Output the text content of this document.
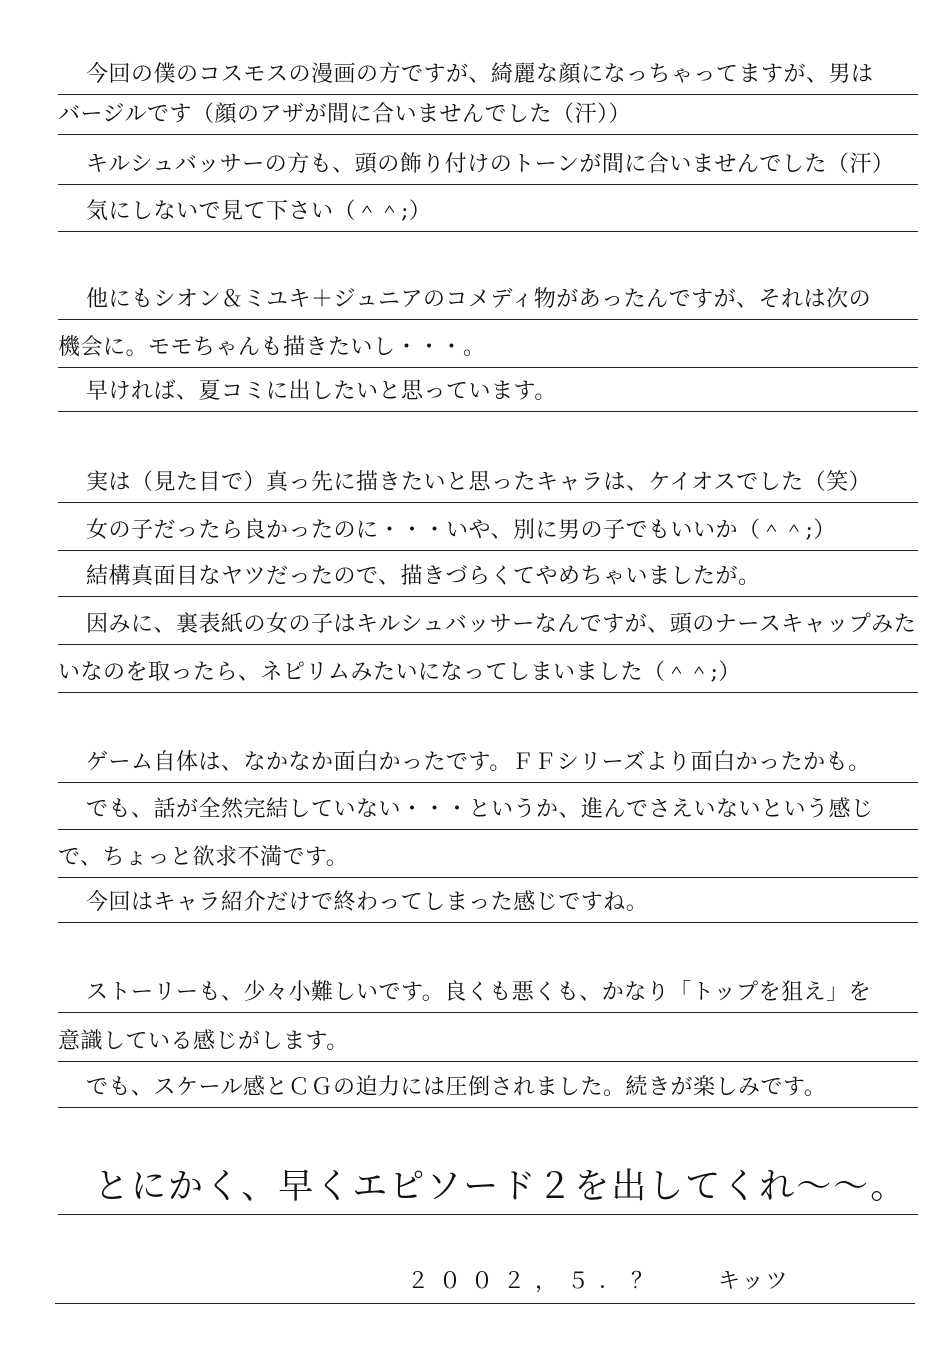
今回の僕のコスモスの漫画の方ですが、綺麗な顔になっちゃってますが、男は
バージルです（顔のアザが間に合いませんでした（汗））
キルシュバッサーの方も、頭の飾り付けのトーンが間に合いませんでした（汗）
気にしないで見て下さい（＾＾;）
他にもシオン＆ミユキ＋ジュニアのコメディ物があったんですが、それは次の
機会に。モモちゃんも描きたいし・・・。
早ければ、夏コミに出したいと思っています。
実は（見た目で）真っ先に描きたいと思ったキャラは、ケイオスでした（笑）
女の子だったら良かったのに・・・いや、別に男の子でもいいか（＾＾;）
結構真面目なヤツだったので、描きづらくてやめちゃいましたが。
因みに、裏表紙の女の子はキルシュバッサーなんですが、頭のナースキャップみた
いなのを取ったら、ネピリムみたいになってしまいました（＾＾;）
ゲーム自体は、なかなか面白かったです。ＦＦシリーズより面白かったかも。
でも、話が全然完結していない・・・というか、進んでさえいないという感じ
で、ちょっと欲求不満です。
今回はキャラ紹介だけで終わってしまった感じですね。
ストーリーも、少々小難しいです。良くも悪くも、かなり「トップを狙え」を
意識している感じがします。
でも、スケール感とＣＧの迫力には圧倒されました。続きが楽しみです。
とにかく、早くエピソード２を出してくれ～～。
２００２，５．？ キッツ
